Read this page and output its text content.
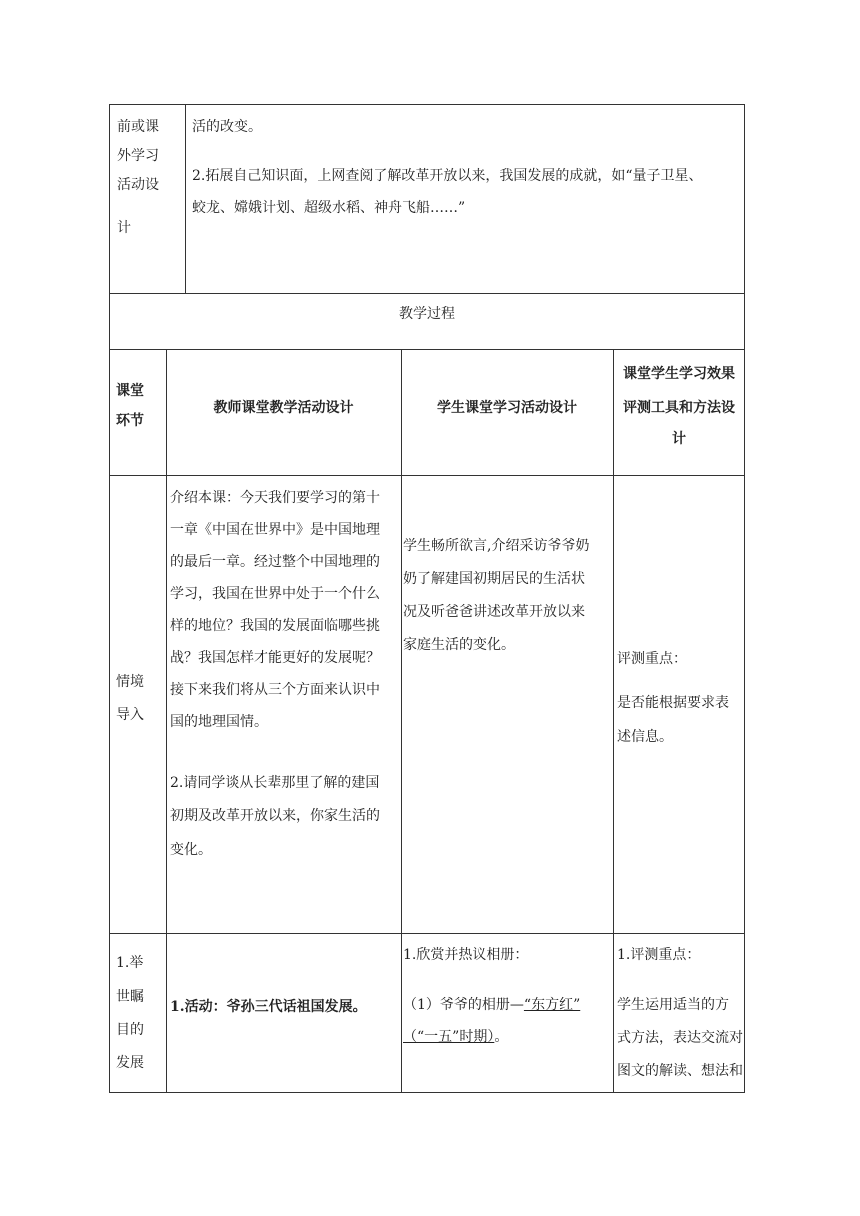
前或课
外学习
活动设
计
活的改变。
2.拓展自己知识面，上网查阅了解改革开放以来，我国发展的成就，如“量子卫星、
蛟龙、嫦娥计划、超级水稻、神舟飞船……”
教学过程
课堂
环节
教师课堂教学活动设计	学生课堂学习活动设计
课堂学生学习效果
评测工具和方法设
计
情境
导入
介绍本课：今天我们要学习的第十
一章《中国在世界中》是中国地理
的最后一章。经过整个中国地理的
学习，我国在世界中处于一个什么
样的地位？我国的发展面临哪些挑
战？我国怎样才能更好的发展呢？
接下来我们将从三个方面来认识中
国的地理国情。
2.请同学谈从长辈那里了解的建国
初期及改革开放以来，你家生活的
变化。
学生畅所欲言,介绍采访爷爷奶
奶了解建国初期居民的生活状
况及听爸爸讲述改革开放以来
家庭生活的变化。
评测重点：
是否能根据要求表
述信息。
1.举
世瞩
目的
发展
1.活动：爷孙三代话祖国发展。
1.欣赏并热议相册：
（1）爷爷的相册—“东方红”
（“一五”时期）。
1.评测重点：
学生运用适当的方
式方法，表达交流对
图文的解读、想法和
